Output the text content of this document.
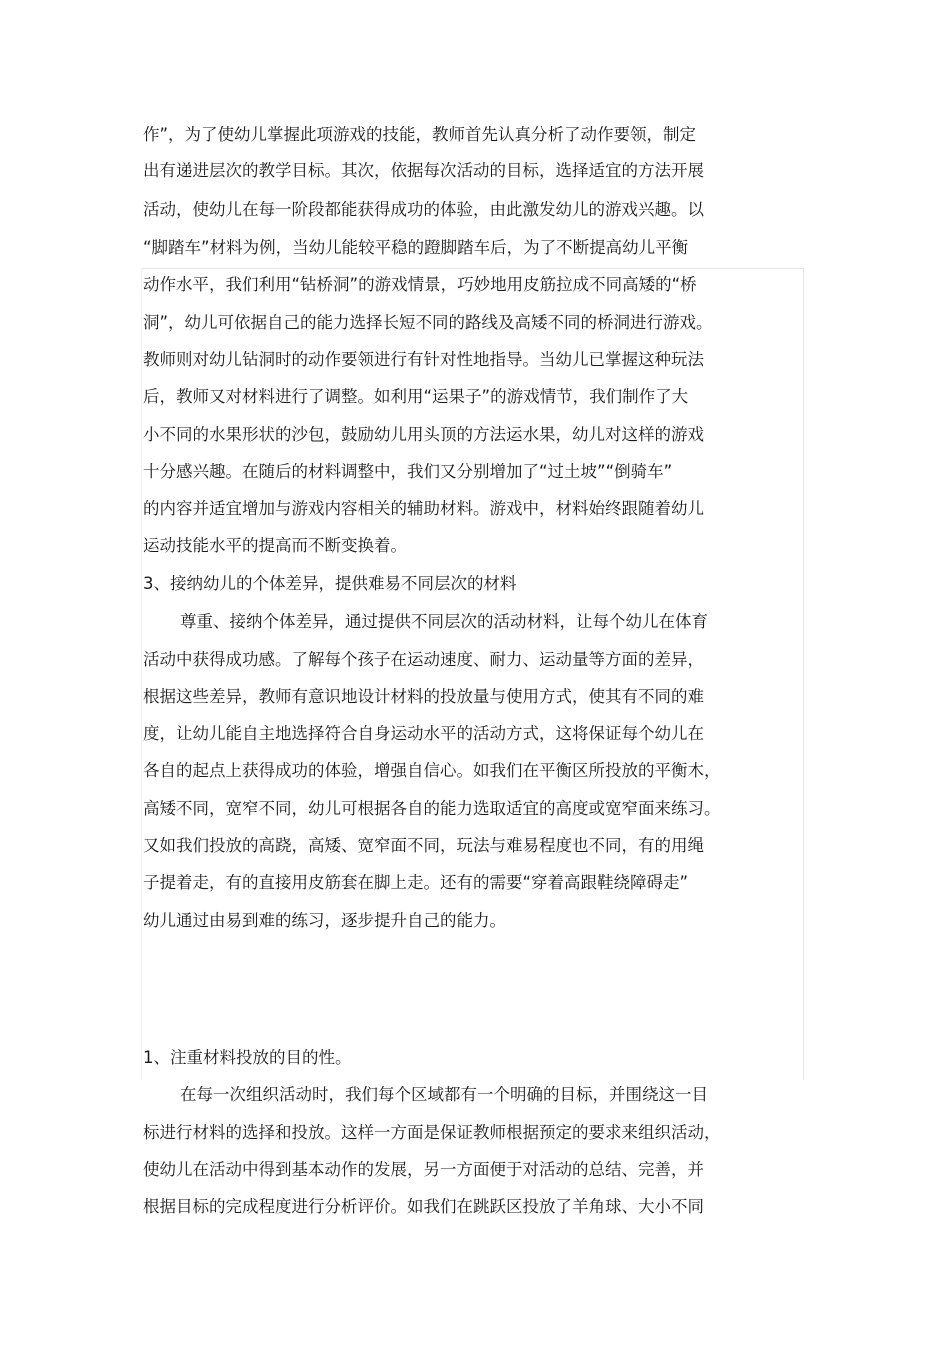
作”，为了使幼儿掌握此项游戏的技能，教师首先认真分析了动作要领，制定
出有递进层次的教学目标。其次，依据每次活动的目标，选择适宜的方法开展
活动，使幼儿在每一阶段都能获得成功的体验，由此激发幼儿的游戏兴趣。以
“脚踏车”材料为例，当幼儿能较平稳的蹬脚踏车后，为了不断提高幼儿平衡
动作水平，我们利用“钻桥洞”的游戏情景，巧妙地用皮筋拉成不同高矮的“桥
洞”，幼儿可依据自己的能力选择长短不同的路线及高矮不同的桥洞进行游戏。
教师则对幼儿钻洞时的动作要领进行有针对性地指导。当幼儿已掌握这种玩法
后，教师又对材料进行了调整。如利用“运果子”的游戏情节，我们制作了大
小不同的水果形状的沙包，鼓励幼儿用头顶的方法运水果，幼儿对这样的游戏
十分感兴趣。在随后的材料调整中，我们又分别增加了“过土坡”“倒骑车”
的内容并适宜增加与游戏内容相关的辅助材料。游戏中，材料始终跟随着幼儿
运动技能水平的提高而不断变换着。
3、接纳幼儿的个体差异，提供难易不同层次的材料
尊重、接纳个体差异，通过提供不同层次的活动材料，让每个幼儿在体育
活动中获得成功感。了解每个孩子在运动速度、耐力、运动量等方面的差异，
根据这些差异，教师有意识地设计材料的投放量与使用方式，使其有不同的难
度，让幼儿能自主地选择符合自身运动水平的活动方式，这将保证每个幼儿在
各自的起点上获得成功的体验，增强自信心。如我们在平衡区所投放的平衡木，
高矮不同，宽窄不同，幼儿可根据各自的能力选取适宜的高度或宽窄面来练习。
又如我们投放的高跷，高矮、宽窄面不同，玩法与难易程度也不同，有的用绳
子提着走，有的直接用皮筋套在脚上走。还有的需要“穿着高跟鞋绕障碍走”
幼儿通过由易到难的练习，逐步提升自己的能力。
1、注重材料投放的目的性。
在每一次组织活动时，我们每个区域都有一个明确的目标，并围绕这一目
标进行材料的选择和投放。这样一方面是保证教师根据预定的要求来组织活动，
使幼儿在活动中得到基本动作的发展，另一方面便于对活动的总结、完善，并
根据目标的完成程度进行分析评价。如我们在跳跃区投放了羊角球、大小不同
